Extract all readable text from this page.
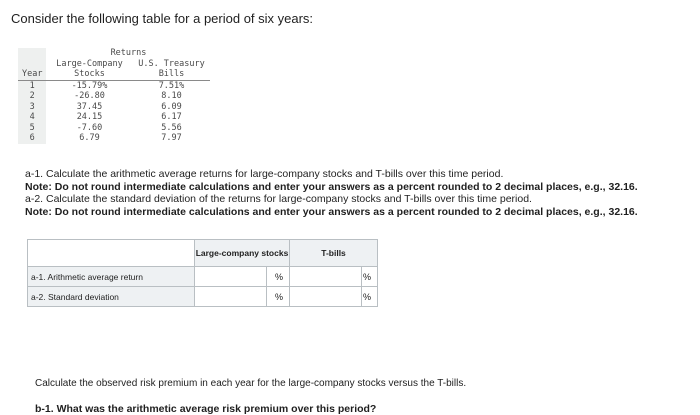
Consider the following table for a period of six years:
	Returns	
	Large-Company	U.S. Treasury
Year	Stocks	Bills
1	-15.79%	7.51%
2	-26.80	8.10
3	37.45	6.09
4	24.15	6.17
5	-7.60	5.56
6	6.79	7.97
a-1. Calculate the arithmetic average returns for large-company stocks and T-bills over this time period.
Note: Do not round intermediate calculations and enter your answers as a percent rounded to 2 decimal places, e.g., 32.16.
a-2. Calculate the standard deviation of the returns for large-company stocks and T-bills over this time period.
Note: Do not round intermediate calculations and enter your answers as a percent rounded to 2 decimal places, e.g., 32.16.
	Large-company stocks	T-bills
a-1. Arithmetic average return	%	%

a-2. Standard deviation	%	%
Calculate the observed risk premium in each year for the large-company stocks versus the T-bills.
b-1. What was the arithmetic average risk premium over this period?
